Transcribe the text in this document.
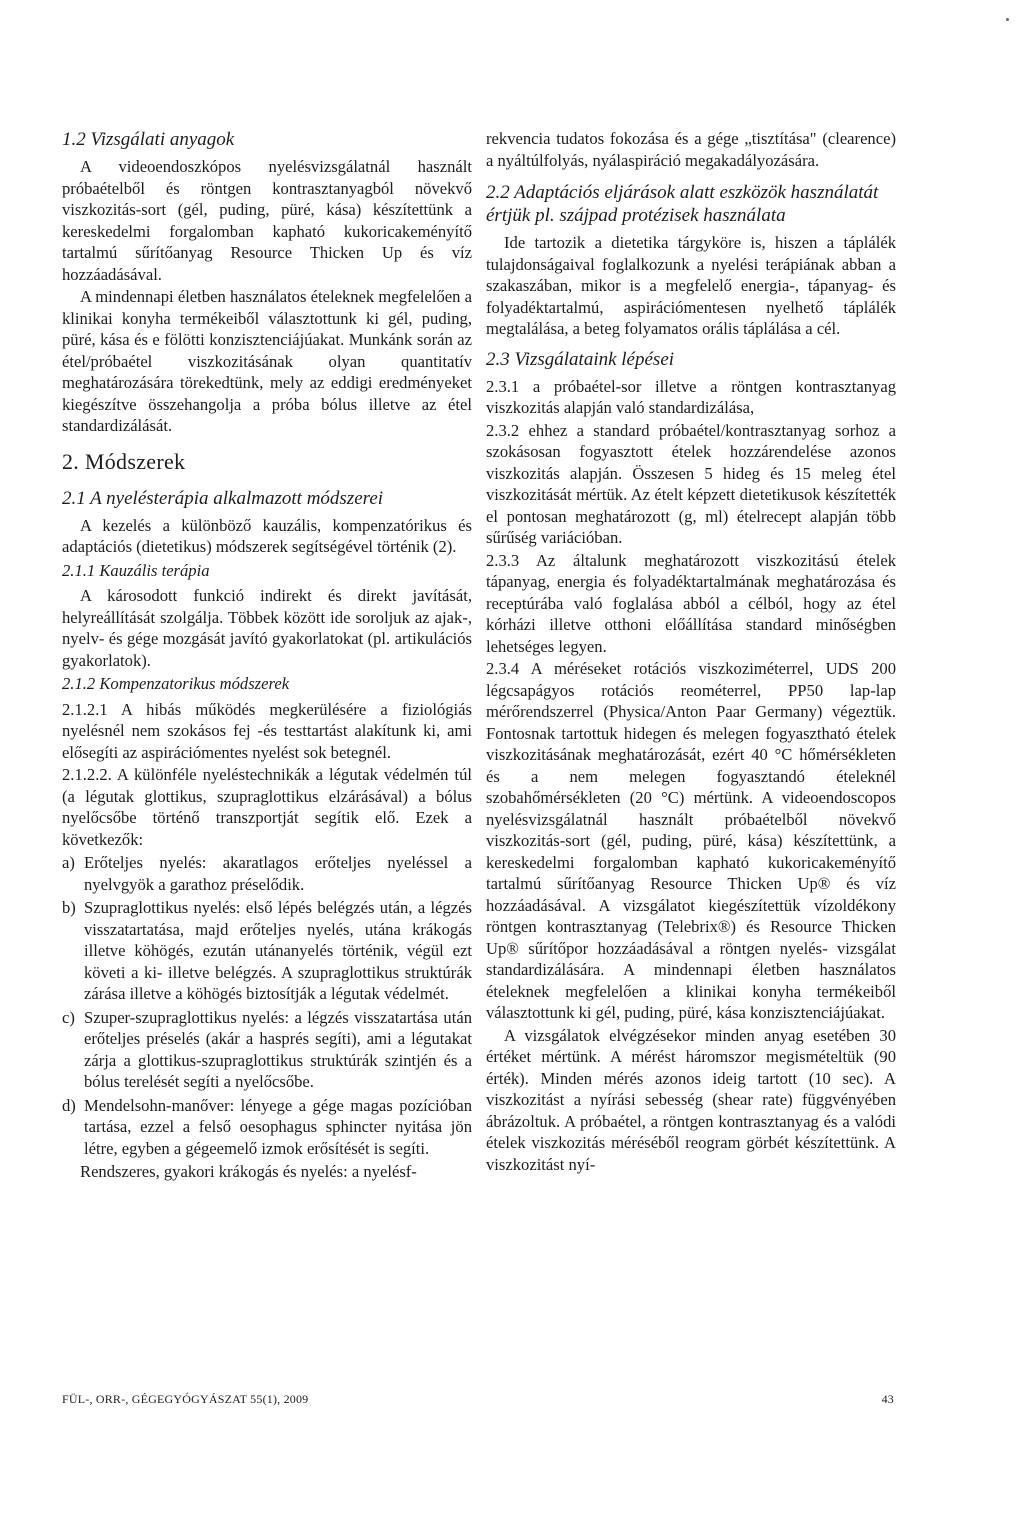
1.2 Vizsgálati anyagok

A videoendoszkópos nyelésvizsgálatnál használt próbaételből és röntgen kontrasztanyagból növekvő viszkozitás-sort (gél, puding, püré, kása) készítettünk a kereskedelmi forgalomban kapható kukoricakeményítő tartalmú sűrítőanyag Resource Thicken Up és víz hozzáadásával.

A mindennapi életben használatos ételeknek megfelelően a klinikai konyha termékeiből választottunk ki gél, puding, püré, kása és e fölötti konzisztenciájúakat. Munkánk során az étel/próbaétel viszkozitásának olyan quantitatív meghatározására törekedtünk, mely az eddigi eredményeket kiegészítve összehangolja a próba bólus illetve az étel standardizálását.

2. Módszerek
2.1 A nyelésterápia alkalmazott módszerei

A kezelés a különböző kauzális, kompenzatórikus és adaptációs (dietetikus) módszerek segítségével történik (2).

2.1.1 Kauzális terápia

A károsodott funkció indirekt és direkt javítását, helyreállítását szolgálja. Többek között ide soroljuk az ajak-, nyelv- és gége mozgását javító gyakorlatokat (pl. artikulációs gyakorlatok).

2.1.2 Kompenzatorikus módszerek

2.1.2.1 A hibás működés megkerülésére a fiziológiás nyelésnél nem szokásos fej -és testtartást alakítunk ki, ami elősegíti az aspirációmentes nyelést sok betegnél.

2.1.2.2. A különféle nyeléstechnikák a légutak védelmén túl (a légutak glottikus, szupraglottikus elzárásával) a bólus nyelőcsőbe történő transzportját segítik elő. Ezek a következők:

a) Erőteljes nyelés: akaratlagos erőteljes nyeléssel a nyelvgyök a garathoz préselődik.
b) Szupraglottikus nyelés: első lépés belégzés után, a légzés visszatartatása, majd erőteljes nyelés, utána krákogás illetve köhögés, ezután utánanyelés történik, végül ezt követi a ki- illetve belégzés. A szupraglottikus struktúrák zárása illetve a köhögés biztosítják a légutak védelmét.
c) Szuper-szupraglottikus nyelés: a légzés visszatartása után erőteljes préselés (akár a hasprés segíti), ami a légutakat zárja a glottikus-szupraglottikus struktúrák szintjén és a bólus terelését segíti a nyelőcsőbe.
d) Mendelsohn-manőver: lényege a gége magas pozícióban tartása, ezzel a felső oesophagus sphincter nyitása jön létre, egyben a gégeemelő izmok erősítését is segíti.

Rendszeres, gyakori krákogás és nyelés: a nyelésf-

rekvencia tudatos fokozása és a gége „tisztítása" (clearence) a nyáltúlfolyás, nyálaspiráció megakadályozására.

2.2 Adaptációs eljárások alatt eszközök használatát értjük pl. szájpad protézisek használata

Ide tartozik a dietetika tárgyköre is, hiszen a táplálék tulajdonságaival foglalkozunk a nyelési terápiának abban a szakaszában, mikor is a megfelelő energia-, tápanyag- és folyadéktartalmú, aspirációmentesen nyelhető táplálék megtalálása, a beteg folyamatos orális táplálása a cél.

2.3 Vizsgálataink lépései

2.3.1 a próbaétel-sor illetve a röntgen kontrasztanyag viszkozitás alapján való standardizálása,

2.3.2 ehhez a standard próbaétel/kontrasztanyag sorhoz a szokásosan fogyasztott ételek hozzárendelése azonos viszkozitás alapján. Összesen 5 hideg és 15 meleg étel viszkozitását mértük. Az ételt képzett dietetikusok készítették el pontosan meghatározott (g, ml) ételrecept alapján több sűrűség variációban.

2.3.3 Az általunk meghatározott viszkozitású ételek tápanyag, energia és folyadéktartalmának meghatározása és receptúrába való foglalása abból a célból, hogy az étel kórházi illetve otthoni előállítása standard minőségben lehetséges legyen.

2.3.4 A méréseket rotációs viszkoziméterrel, UDS 200 légcsapágyos rotációs reométerrel, PP50 lap-lap mérőrendszerrel (Physica/Anton Paar Germany) végeztük. Fontosnak tartottuk hidegen és melegen fogyasztható ételek viszkozitásának meghatározását, ezért 40 °C hőmérsékleten és a nem melegen fogyasztandó ételeknél szobahőmérsékleten (20 °C) mértünk. A videoendoscopos nyelésvizsgálatnál használt próbaételből növekvő viszkozitás-sort (gél, puding, püré, kása) készítettünk, a kereskedelmi forgalomban kapható kukoricakeményítő tartalmú sűrítőanyag Resource Thicken Up® és víz hozzáadásával. A vizsgálatot kiegészítettük vízoldékony röntgen kontrasztanyag (Telebrix®) és Resource Thicken Up® sűrítőpor hozzáadásával a röntgen nyelés- vizsgálat standardizálására. A mindennapi életben használatos ételeknek megfelelően a klinikai konyha termékeiből választottunk ki gél, puding, püré, kása konzisztenciájúakat.

A vizsgálatok elvégzésekor minden anyag esetében 30 értéket mértünk. A mérést háromszor megismételtük (90 érték). Minden mérés azonos ideig tartott (10 sec). A viszkozitást a nyírási sebesség (shear rate) függvényében ábrázoltuk. A próbaétel, a röntgen kontrasztanyag és a valódi ételek viszkozitás méréséből reogram görbét készítettünk. A viszkozitást nyí-

FÜL-, ORR-, GÉGEGYÓGYÁSZAT 55(1), 2009	43
